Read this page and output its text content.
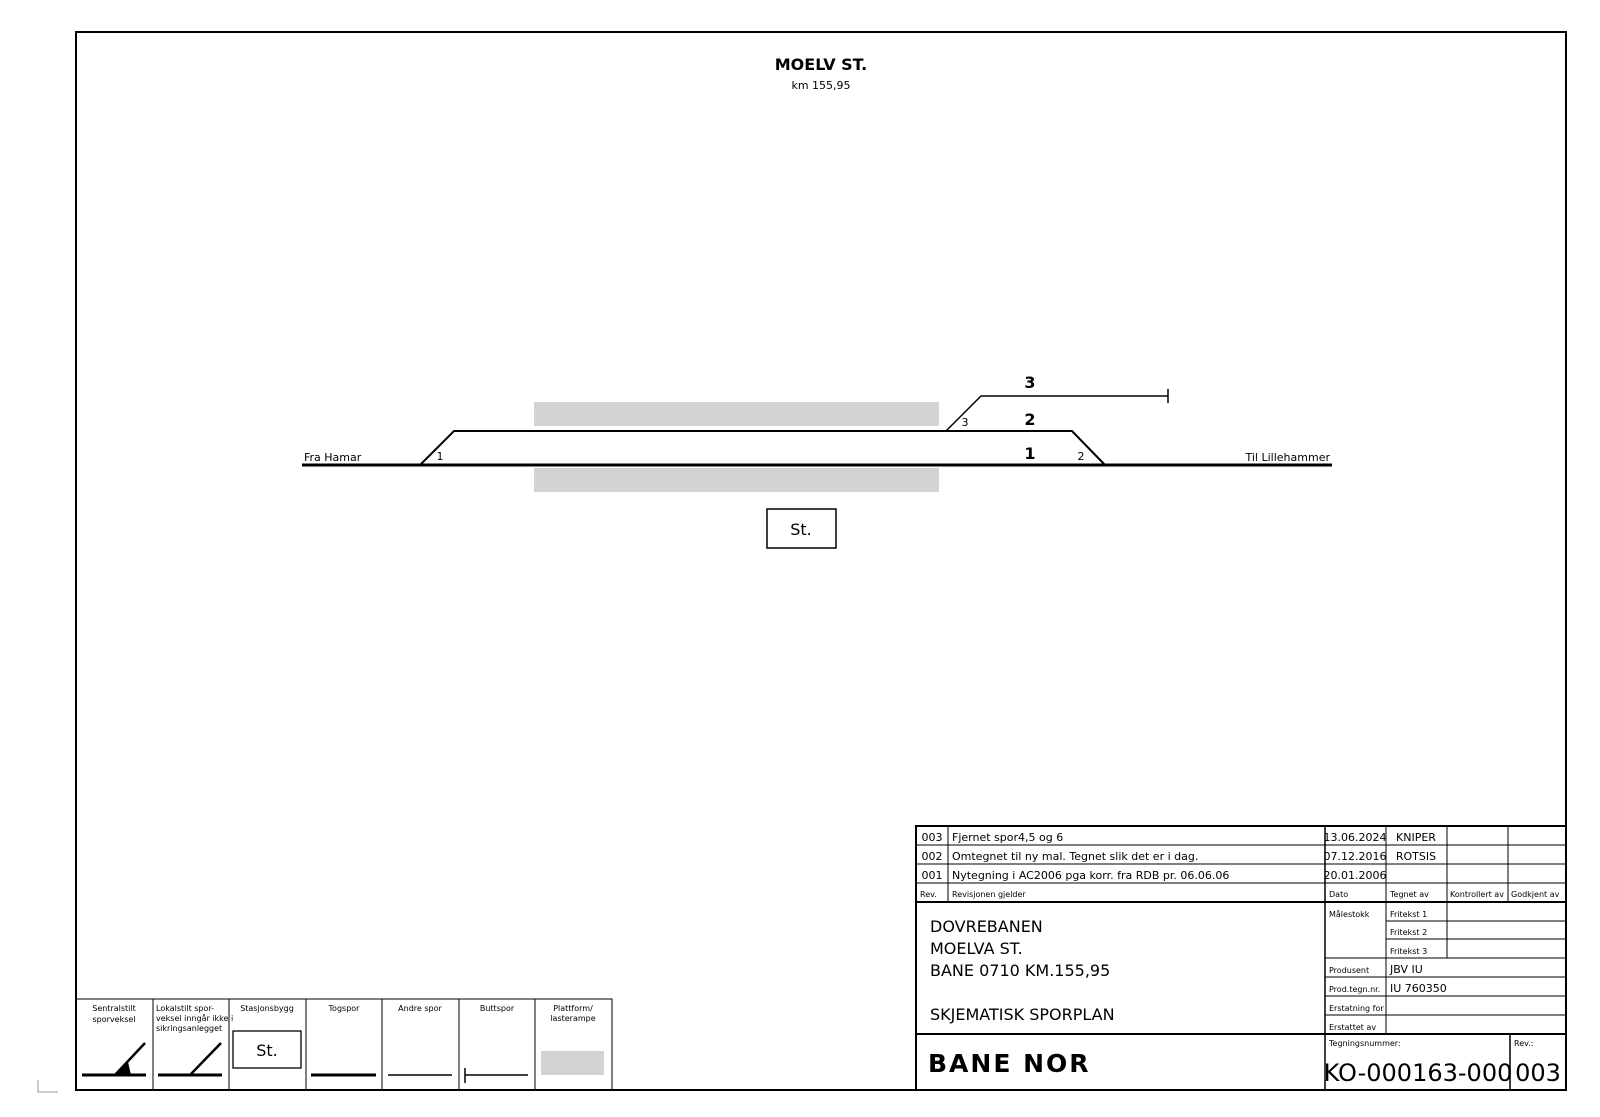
MOELV ST.
km 155,95
Fra Hamar	Til Lillehammer
1
2
3
1	2
3
St.
Sentralstilt sporveksel
Lokalstilt spor-veksel inngår ikke i sikringsanlegget
Stasjonsbygg	Togspor	Andre spor	Buttspor	Plattform/ lasterampe
St.
003 Fjernet spor4,5 og 6	13.06.2024 KNIPER
002 Omtegnet til ny mal. Tegnet slik det er i dag.	07.12.2016 ROTSIS
001 Nytegning i AC2006 pga korr. fra RDB pr. 06.06.06	20.01.2006
Rev. Revisjonen gjelder	Dato	Tegnet av	Kontrollert av Godkjent av
DOVREBANEN
MOELVA ST.
BANE 0710 KM.155,95
SKJEMATISK SPORPLAN
Målestokk	Fritekst 1
Fritekst 2
Fritekst 3
Produsent JBV IU
Prod.tegn.nr. IU 760350
Erstatning for
Erstattet av
Tegningsnummer:
KO-000163-000
Rev.:
003
BANE NOR
